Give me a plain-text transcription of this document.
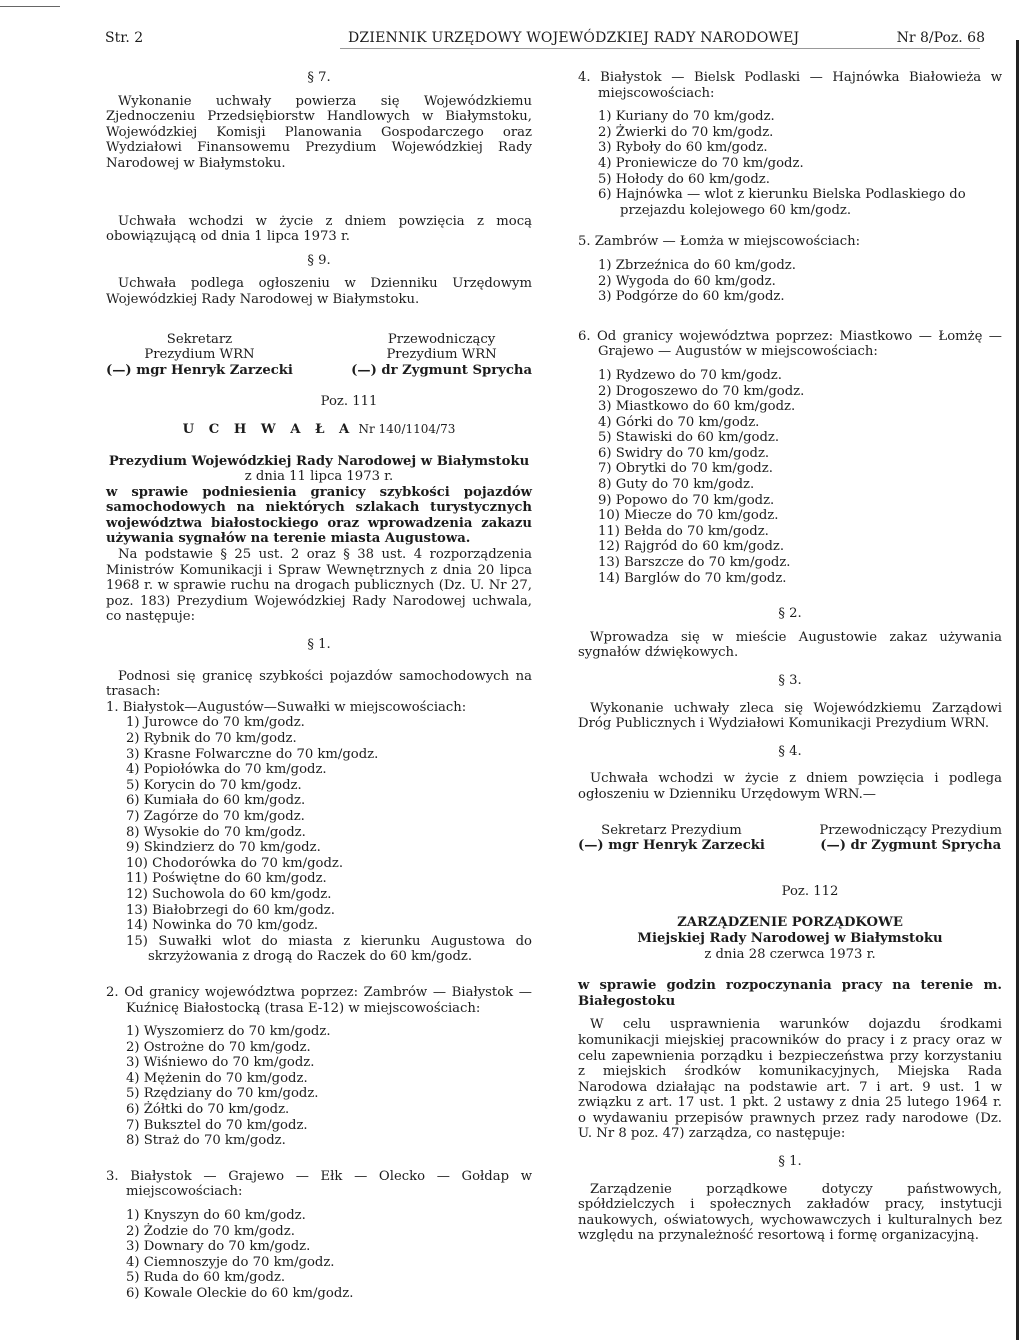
Str. 2	DZIENNIK URZĘDOWY WOJEWÓDZKIEJ RADY NARODOWEJ	Nr 8/Poz. 68

§ 7.

Wykonanie uchwały powierza się Wojewódzkiemu Zjednoczeniu Przedsiębiorstw Handlowych w Białymstoku, Wojewódzkiej Komisji Planowania Gospodarczego oraz Wydziałowi Finansowemu Prezydium Wojewódzkiej Rady Narodowej w Białymstoku.

Uchwała wchodzi w życie z dniem powzięcia z mocą obowiązującą od dnia 1 lipca 1973 r.

§ 9.

Uchwała podlega ogłoszeniu w Dzienniku Urzędowym Wojewódzkiej Rady Narodowej w Białymstoku.

Sekretarz

Prezydium WRN

(—) mgr Henryk Zarzecki

Przewodniczący

Prezydium WRN

(—) dr Zygmunt Sprycha

Poz. 111

U C H W A Ł A Nr 140/1104/73

Prezydium Wojewódzkiej Rady Narodowej w Białymstoku

z dnia 11 lipca 1973 r.

w sprawie podniesienia granicy szybkości pojazdów samochodowych na niektórych szlakach turystycznych województwa białostockiego oraz wprowadzenia zakazu używania sygnałów na terenie miasta Augustowa.

Na podstawie § 25 ust. 2 oraz § 38 ust. 4 rozporządzenia Ministrów Komunikacji i Spraw Wewnętrznych z dnia 20 lipca 1968 r. w sprawie ruchu na drogach publicznych (Dz. U. Nr 27, poz. 183) Prezydium Wojewódzkiej Rady Narodowej uchwala, co następuje:

§ 1.

Podnosi się granicę szybkości pojazdów samochodowych na trasach:

1. Białystok—Augustów—Suwałki w miejscowościach:

1) Jurowce do 70 km/godz.

2) Rybnik do 70 km/godz.

3) Krasne Folwarczne do 70 km/godz.

4) Popiołówka do 70 km/godz.

5) Korycin do 70 km/godz.

6) Kumiała do 60 km/godz.

7) Zagórze do 70 km/godz.

8) Wysokie do 70 km/godz.

9) Skindzierz do 70 km/godz.

10) Chodorówka do 70 km/godz.

11) Poświętne do 60 km/godz.

12) Suchowola do 60 km/godz.

13) Białobrzegi do 60 km/godz.

14) Nowinka do 70 km/godz.

15) Suwałki wlot do miasta z kierunku Augustowa do skrzyżowania z drogą do Raczek do 60 km/godz.

2. Od granicy województwa poprzez: Zambrów — Białystok — Kuźnicę Białostocką (trasa E-12) w miejscowościach:

1) Wyszomierz do 70 km/godz.

2) Ostrożne do 70 km/godz.

3) Wiśniewo do 70 km/godz.

4) Mężenin do 70 km/godz.

5) Rzędziany do 70 km/godz.

6) Żółtki do 70 km/godz.

7) Buksztel do 70 km/godz.

8) Straż do 70 km/godz.

3. Białystok — Grajewo — Ełk — Olecko — Gołdap w miejscowościach:

1) Knyszyn do 60 km/godz.

2) Żodzie do 70 km/godz.

3) Downary do 70 km/godz.

4) Ciemnoszyje do 70 km/godz.

5) Ruda do 60 km/godz.

6) Kowale Oleckie do 60 km/godz.

4. Białystok — Bielsk Podlaski — Hajnówka Białowieża w miejscowościach:

1) Kuriany do 70 km/godz.

2) Żwierki do 70 km/godz.

3) Ryboły do 60 km/godz.

4) Proniewicze do 70 km/godz.

5) Hołody do 60 km/godz.

6) Hajnówka — wlot z kierunku Bielska Podlaskiego do przejazdu kolejowego 60 km/godz.

5. Zambrów — Łomża w miejscowościach:

1) Zbrzeźnica do 60 km/godz.

2) Wygoda do 60 km/godz.

3) Podgórze do 60 km/godz.

6. Od granicy województwa poprzez: Miastkowo — Łomżę — Grajewo — Augustów w miejscowościach:

1) Rydzewo do 70 km/godz.

2) Drogoszewo do 70 km/godz.

3) Miastkowo do 60 km/godz.

4) Górki do 70 km/godz.

5) Stawiski do 60 km/godz.

6) Swidry do 70 km/godz.

7) Obrytki do 70 km/godz.

8) Guty do 70 km/godz.

9) Popowo do 70 km/godz.

10) Miecze do 70 km/godz.

11) Bełda do 70 km/godz.

12) Rajgród do 60 km/godz.

13) Barszcze do 70 km/godz.

14) Barglów do 70 km/godz.

§ 2.

Wprowadza się w mieście Augustowie zakaz używania sygnałów dźwiękowych.

§ 3.

Wykonanie uchwały zleca się Wojewódzkiemu Zarządowi Dróg Publicznych i Wydziałowi Komunikacji Prezydium WRN.

§ 4.

Uchwała wchodzi w życie z dniem powzięcia i podlega ogłoszeniu w Dzienniku Urzędowym WRN.—

Sekretarz Prezydium

(—) mgr Henryk Zarzecki

Przewodniczący Prezydium

(—) dr Zygmunt Sprycha

Poz. 112

ZARZĄDZENIE PORZĄDKOWE

Miejskiej Rady Narodowej w Białymstoku

z dnia 28 czerwca 1973 r.

w sprawie godzin rozpoczynania pracy na terenie m. Białegostoku

W celu usprawnienia warunków dojazdu środkami komunikacji miejskiej pracowników do pracy i z pracy oraz w celu zapewnienia porządku i bezpieczeństwa przy korzystaniu z miejskich środków komunikacyjnych, Miejska Rada Narodowa działając na podstawie art. 7 i art. 9 ust. 1 w związku z art. 17 ust. 1 pkt. 2 ustawy z dnia 25 lutego 1964 r. o wydawaniu przepisów prawnych przez rady narodowe (Dz. U. Nr 8 poz. 47) zarządza, co następuje:

§ 1.

Zarządzenie porządkowe dotyczy państwowych, spółdzielczych i społecznych zakładów pracy, instytucji naukowych, oświatowych, wychowawczych i kulturalnych bez względu na przynależność resortową i formę organizacyjną.
